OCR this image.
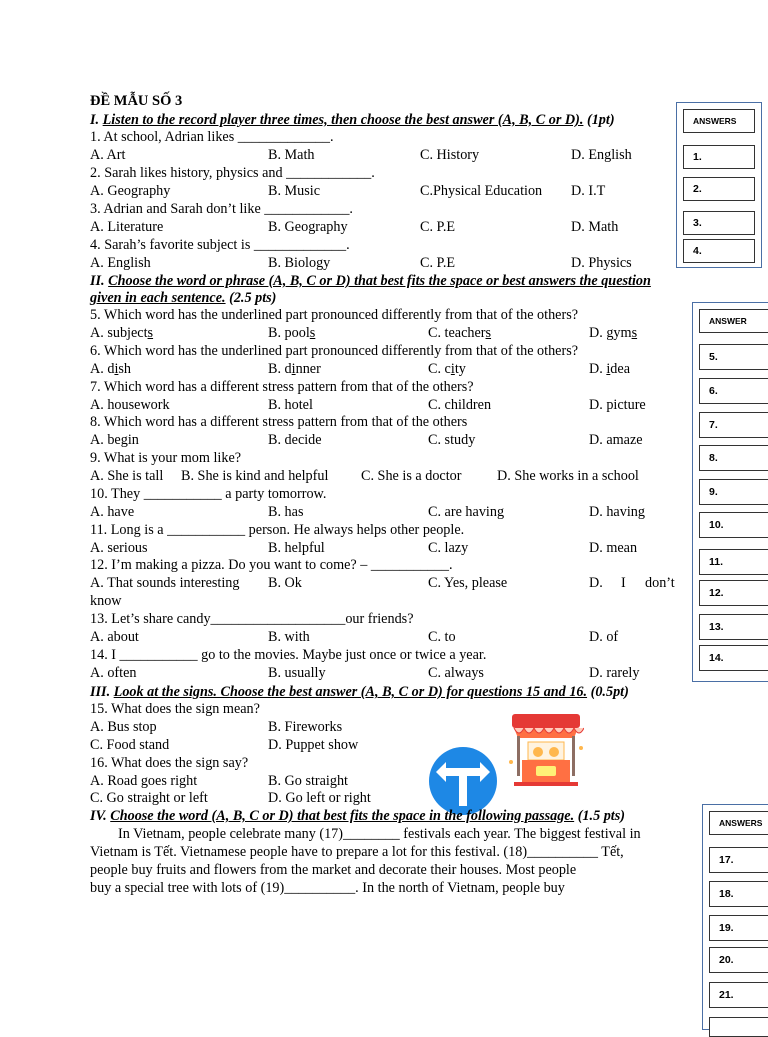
ĐỀ MẪU SỐ 3
I. Listen to the record player three times, then choose the best answer (A, B, C or D). (1pt)
II. Choose the word or phrase (A, B, C or D) that best fits the space or best answers the question
given in each sentence. (2.5 pts)
III. Look at the signs. Choose the best answer (A, B, C or D) for questions 15 and 16. (0.5pt)
IV. Choose the word (A, B, C or D) that best fits the space in the following passage. (1.5 pts)
ANSWERS
1.
2.
3.
4.
ANSWER
5.
6.
7.
8.
9.
10.
11.
12.
13.
14.
ANSWERS
17.
18.
19.
20.
21.
1. At school, Adrian likes _____________.
A. Art	B. Math	C. History	D. English
2. Sarah likes history, physics and ____________.
A. Geography	B. Music	C.Physical Education D. I.T
3. Adrian and Sarah don’t like ____________.
A. Literature	B. Geography	C. P.E	D. Math
4. Sarah’s favorite subject is _____________.
A. English	B. Biology	C. P.E	D. Physics
5. Which word has the underlined part pronounced differently from that of the others?
A. subjects	B. pools	C. teachers	D. gyms
6. Which word has the underlined part pronounced differently from that of the others?
A. dish	B. dinner	C. city	D. idea
7. Which word has a different stress pattern from that of the others?
A. housework	B. hotel	C. children	D. picture
8. Which word has a different stress pattern from that of the others
A. begin	B. decide	C. study	D. amaze
9. What is your mom like?
A. She is tall B. She is kind and helpful C. She is a doctor	D. She works in a school
10. They ___________ a party tomorrow.
A. have	B. has	C. are having	D. having
11. Long is a ___________ person. He always helps other people.
A. serious	B. helpful	C. lazy	D. mean
12. I’m making a pizza. Do you want to come? – ___________.
A. That sounds interesting B. Ok	C. Yes, please	D. I don’t
know
13. Let’s share candy___________________our friends?
A. about	B. with	C. to	D. of
14. I ___________ go to the movies. Maybe just once or twice a year.
A. often	B. usually	C. always	D. rarely
15. What does the sign mean?
A. Bus stop	B. Fireworks
C. Food stand	D. Puppet show
16. What does the sign say?
A. Road goes right	B. Go straight
C. Go straight or left	D. Go left or right
In Vietnam, people celebrate many (17)________ festivals each year. The biggest festival in
Vietnam is Tết. Vietnamese people have to prepare a lot for this festival. (18)__________ Tết,
people buy fruits and flowers from the market and decorate their houses. Most people
buy a special tree with lots of (19)__________. In the north of Vietnam, people buy
